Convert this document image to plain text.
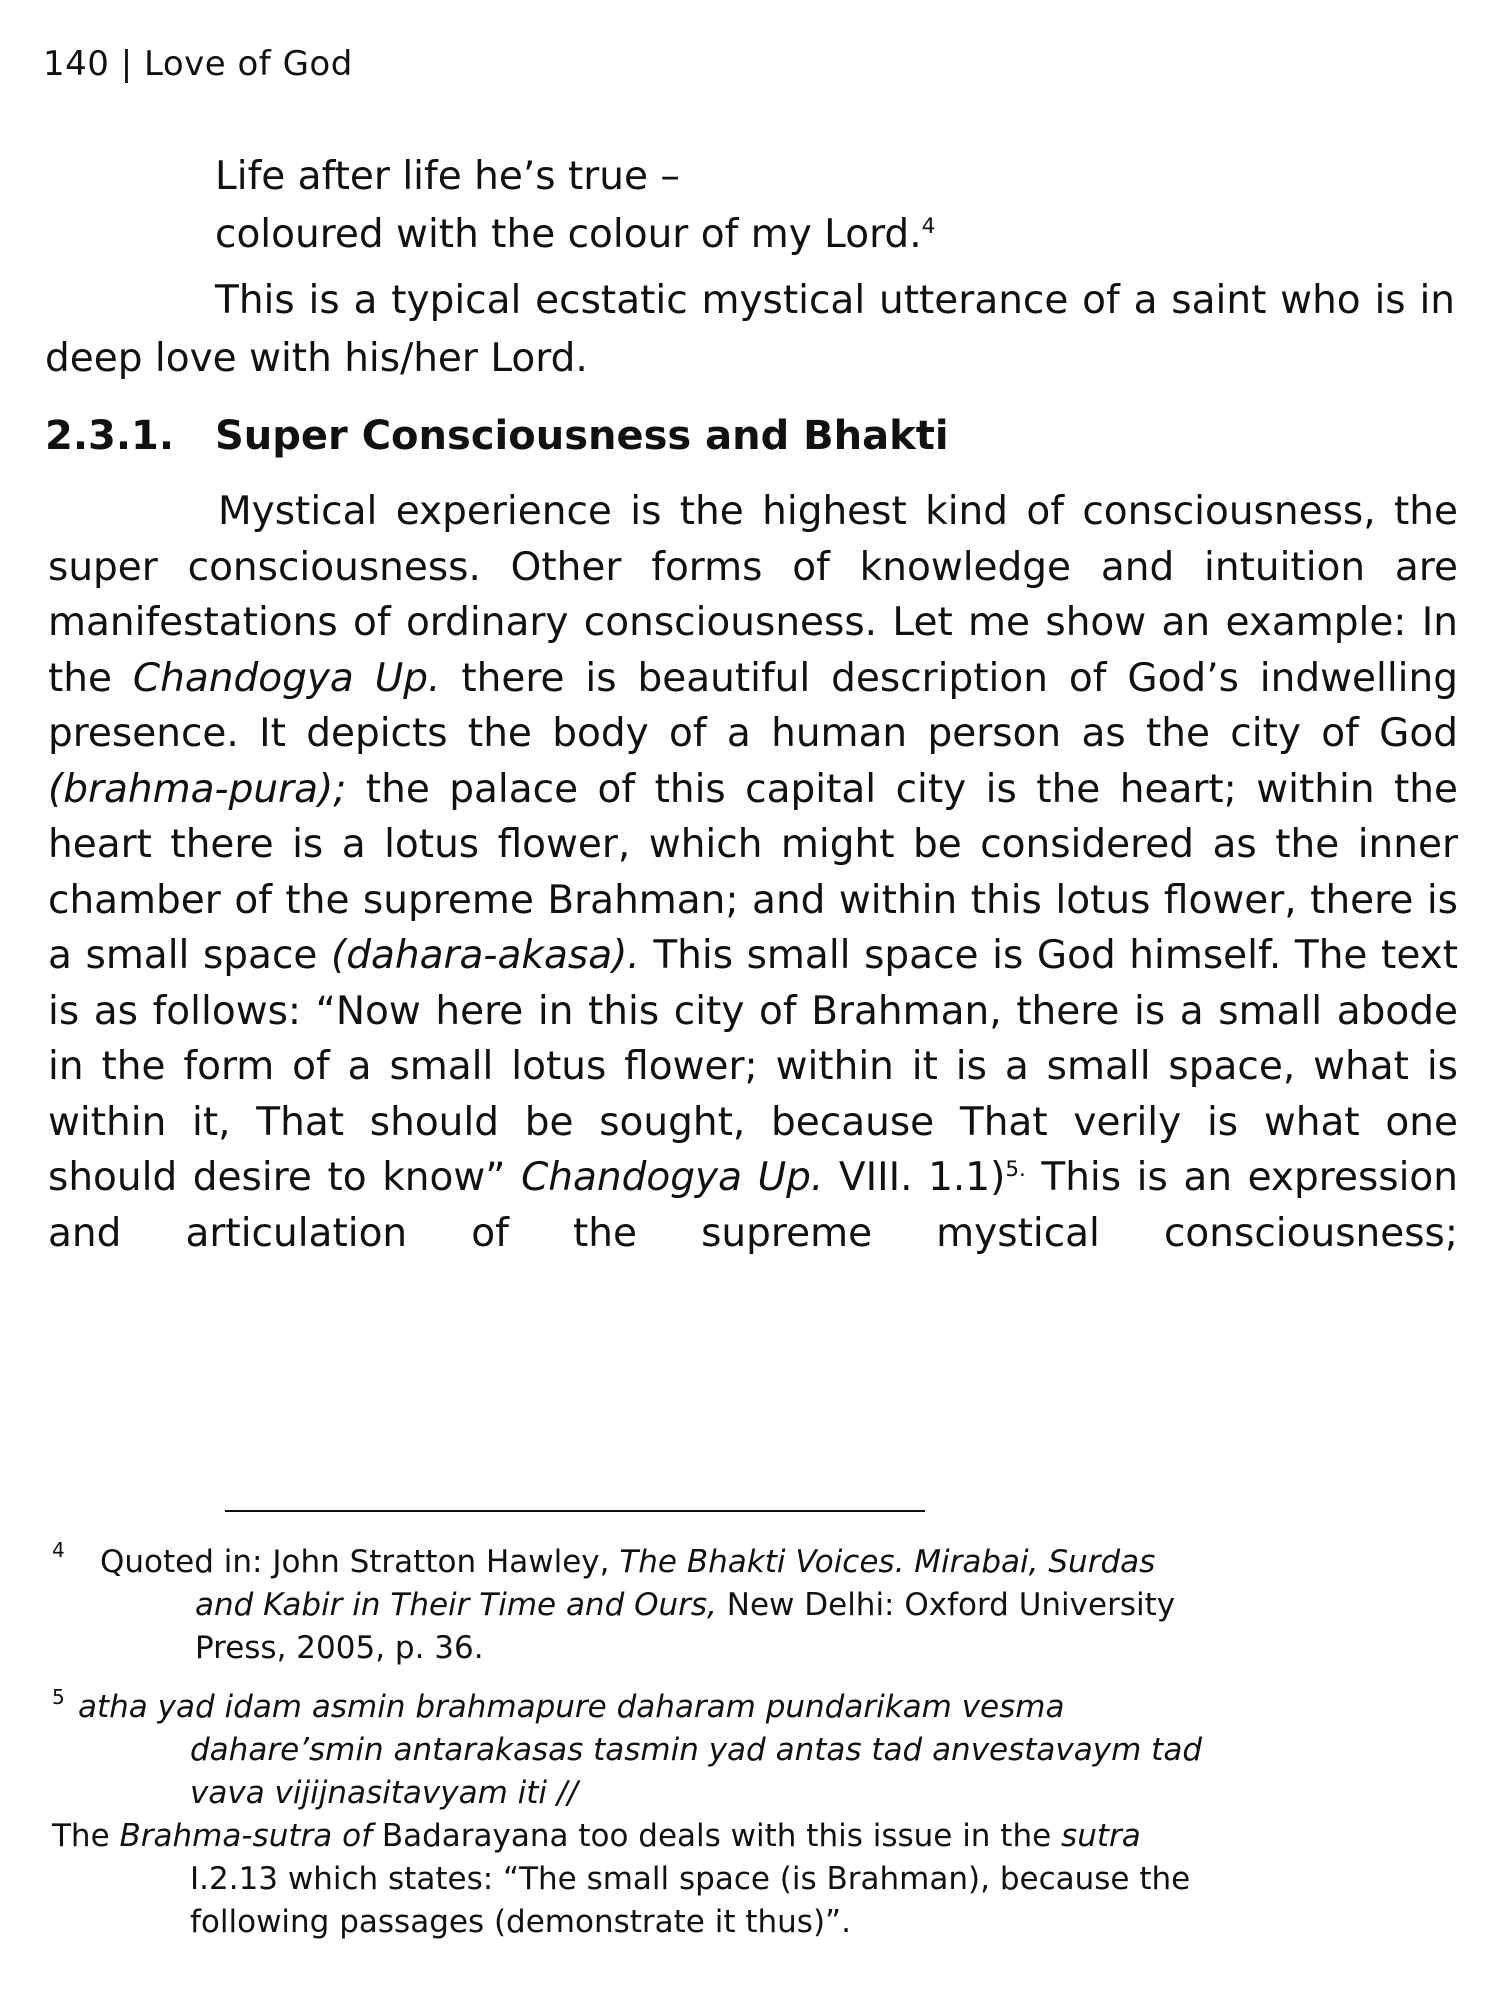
140 | Love of God
Life after life he’s true –
coloured with the colour of my Lord.$^4$

This is a typical ecstatic mystical utterance of a saint who is in deep love with his/her Lord.

2.3.1. Super Consciousness and Bhakti

Mystical experience is the highest kind of consciousness, the super consciousness. Other forms of knowledge and intuition are manifestations of ordinary consciousness. Let me show an example: In the Chandogya Up. there is beautiful description of God’s indwelling presence. It depicts the body of a human person as the city of God (brahma-pura); the palace of this capital city is the heart; within the heart there is a lotus flower, which might be considered as the inner chamber of the supreme Brahman; and within this lotus flower, there is a small space (dahara-akasa). This small space is God himself. The text is as follows: “Now here in this city of Brahman, there is a small abode in the form of a small lotus flower; within it is a small space, what is within it, That should be sought, because That verily is what one should desire to know” Chandogya Up. VIII. 1.1)$^{5.}$ This is an expression and articulation of the supreme mystical consciousness;

4 Quoted in: John Stratton Hawley, The Bhakti Voices. Mirabai, Surdas
and Kabir in Their Time and Ours, New Delhi: Oxford University
Press, 2005, p. 36.
5 atha yad idam asmin brahmapure daharam pundarikam vesma
dahare’smin antarakasas tasmin yad antas tad anvestavaym tad
vava vijijnasitavyam iti //
The Brahma-sutra of Badarayana too deals with this issue in the sutra
I.2.13 which states: “The small space (is Brahman), because the
following passages (demonstrate it thus)”.
